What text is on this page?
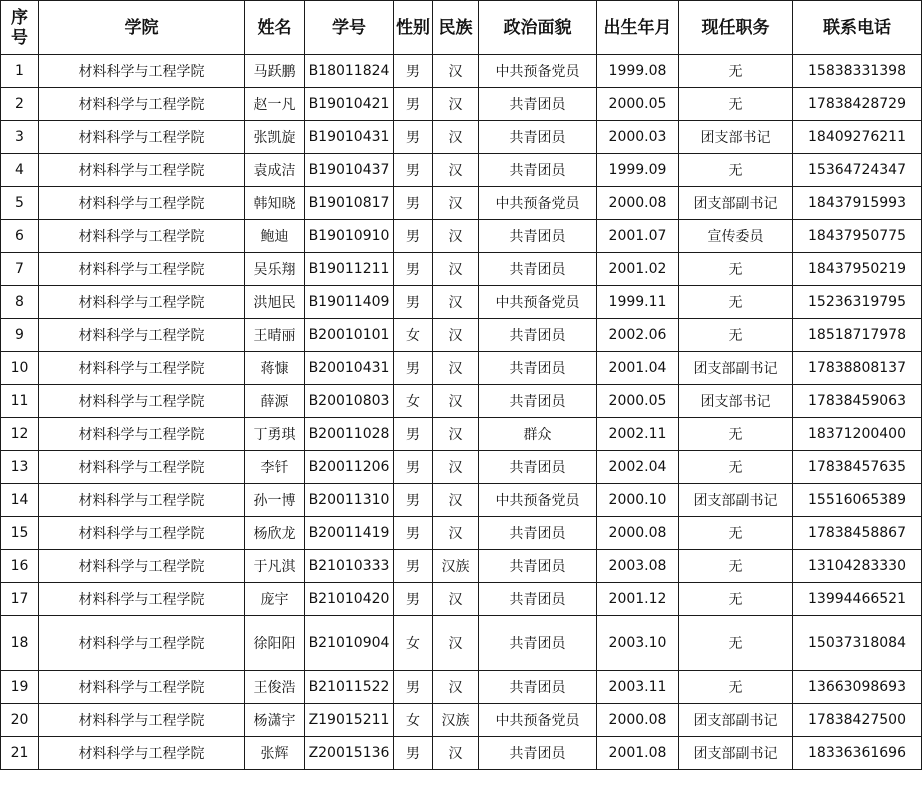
序
号	学院	姓名	学号	性别	民族	政治面貌	出生年月	现任职务	联系电话
1	材料科学与工程学院	马跃鹏	B18011824	男	汉	中共预备党员	1999.08	无	15838331398
2	材料科学与工程学院	赵一凡	B19010421	男	汉	共青团员	2000.05	无	17838428729
3	材料科学与工程学院	张凯旋	B19010431	男	汉	共青团员	2000.03	团支部书记	18409276211
4	材料科学与工程学院	袁成洁	B19010437	男	汉	共青团员	1999.09	无	15364724347
5	材料科学与工程学院	韩知晓	B19010817	男	汉	中共预备党员	2000.08	团支部副书记	18437915993
6	材料科学与工程学院	鲍迪	B19010910	男	汉	共青团员	2001.07	宣传委员	18437950775
7	材料科学与工程学院	吴乐翔	B19011211	男	汉	共青团员	2001.02	无	18437950219
8	材料科学与工程学院	洪旭民	B19011409	男	汉	中共预备党员	1999.11	无	15236319795
9	材料科学与工程学院	王晴丽	B20010101	女	汉	共青团员	2002.06	无	18518717978
10	材料科学与工程学院	蒋慷	B20010431	男	汉	共青团员	2001.04	团支部副书记	17838808137
11	材料科学与工程学院	薛源	B20010803	女	汉	共青团员	2000.05	团支部书记	17838459063
12	材料科学与工程学院	丁勇琪	B20011028	男	汉	群众	2002.11	无	18371200400
13	材料科学与工程学院	李钎	B20011206	男	汉	共青团员	2002.04	无	17838457635
14	材料科学与工程学院	孙一博	B20011310	男	汉	中共预备党员	2000.10	团支部副书记	15516065389
15	材料科学与工程学院	杨欣龙	B20011419	男	汉	共青团员	2000.08	无	17838458867
16	材料科学与工程学院	于凡淇	B21010333	男	汉族	共青团员	2003.08	无	13104283330
17	材料科学与工程学院	庞宇	B21010420	男	汉	共青团员	2001.12	无	13994466521
18	材料科学与工程学院	徐阳阳	B21010904	女	汉	共青团员	2003.10	无	15037318084
19	材料科学与工程学院	王俊浩	B21011522	男	汉	共青团员	2003.11	无	13663098693
20	材料科学与工程学院	杨潇宇	Z19015211	女	汉族	中共预备党员	2000.08	团支部副书记	17838427500
21	材料科学与工程学院	张辉	Z20015136	男	汉	共青团员	2001.08	团支部副书记	18336361696
